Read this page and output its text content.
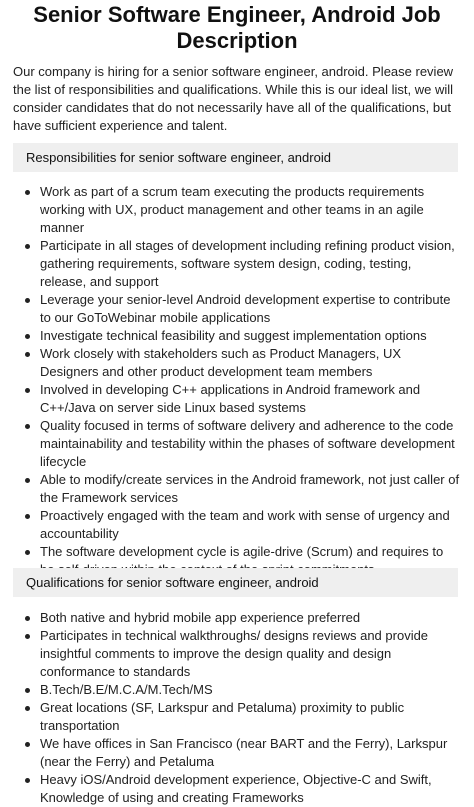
Senior Software Engineer, Android Job Description

Our company is hiring for a senior software engineer, android. Please review the list of responsibilities and qualifications. While this is our ideal list, we will consider candidates that do not necessarily have all of the qualifications, but have sufficient experience and talent.

Responsibilities for senior software engineer, android
Work as part of a scrum team executing the products requirements working with UX, product management and other teams in an agile manner
Participate in all stages of development including refining product vision, gathering requirements, software system design, coding, testing, release, and support
Leverage your senior-level Android development expertise to contribute to our GoToWebinar mobile applications
Investigate technical feasibility and suggest implementation options
Work closely with stakeholders such as Product Managers, UX Designers and other product development team members
Involved in developing C++ applications in Android framework and C++/Java on server side Linux based systems
Quality focused in terms of software delivery and adherence to the code maintainability and testability within the phases of software development lifecycle
Able to modify/create services in the Android framework, not just caller of the Framework services
Proactively engaged with the team and work with sense of urgency and accountability
The software development cycle is agile-drive (Scrum) and requires to
Qualifications for senior software engineer, android
Both native and hybrid mobile app experience preferred
Participates in technical walkthroughs/ designs reviews and provide insightful comments to improve the design quality and design conformance to standards
B.Tech/B.E/M.C.A/M.Tech/MS
Great locations (SF, Larkspur and Petaluma) proximity to public transportation
We have offices in San Francisco (near BART and the Ferry), Larkspur (near the Ferry) and Petaluma
Heavy iOS/Android development experience, Objective-C and Swift, Knowledge of using and creating Frameworks
